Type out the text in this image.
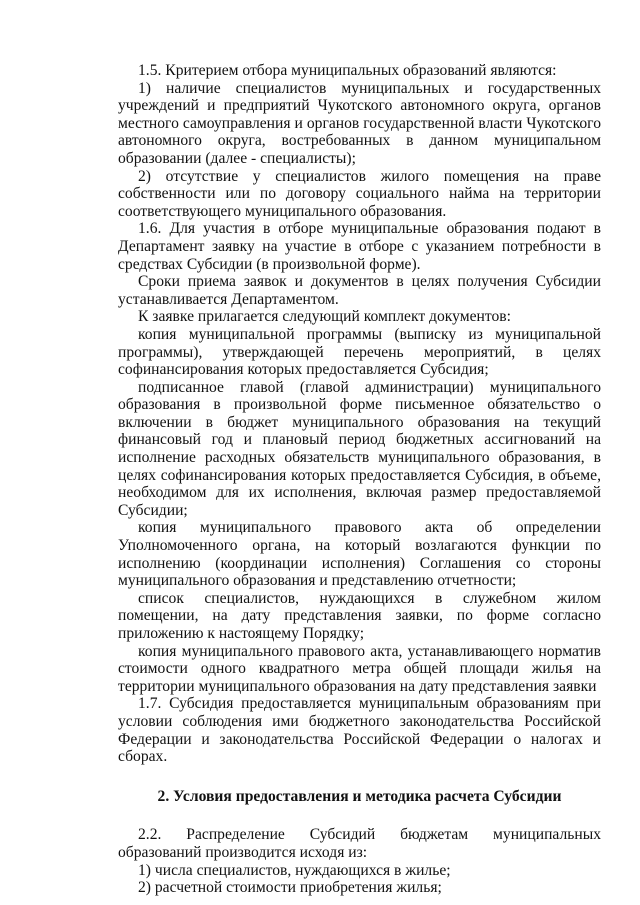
1.5. Критерием отбора муниципальных образований являются:

1) наличие специалистов муниципальных и государственных учреждений и предприятий Чукотского автономного округа, органов местного самоуправления и органов государственной власти Чукотского автономного округа, востребованных в данном муниципальном образовании (далее - специалисты);

2) отсутствие у специалистов жилого помещения на праве собственности или по договору социального найма на территории соответствующего муниципального образования.

1.6. Для участия в отборе муниципальные образования подают в Департамент заявку на участие в отборе с указанием потребности в средствах Субсидии (в произвольной форме).

Сроки приема заявок и документов в целях получения Субсидии устанавливается Департаментом.

К заявке прилагается следующий комплект документов:

копия муниципальной программы (выписку из муниципальной программы), утверждающей перечень мероприятий, в целях софинансирования которых предоставляется Субсидия;

подписанное главой (главой администрации) муниципального образования в произвольной форме письменное обязательство о включении в бюджет муниципального образования на текущий финансовый год и плановый период бюджетных ассигнований на исполнение расходных обязательств муниципального образования, в целях софинансирования которых предоставляется Субсидия, в объеме, необходимом для их исполнения, включая размер предоставляемой Субсидии;

копия муниципального правового акта об определении Уполномоченного органа, на который возлагаются функции по исполнению (координации исполнения) Соглашения со стороны муниципального образования и представлению отчетности;

список специалистов, нуждающихся в служебном жилом помещении, на дату представления заявки, по форме согласно приложению к настоящему Порядку;

копия муниципального правового акта, устанавливающего норматив стоимости одного квадратного метра общей площади жилья на территории муниципального образования на дату представления заявки

1.7. Субсидия предоставляется муниципальным образованиям при условии соблюдения ими бюджетного законодательства Российской Федерации и законодательства Российской Федерации о налогах и сборах.

2. Условия предоставления и методика расчета Субсидии

2.2. Распределение Субсидий бюджетам муниципальных образований производится исходя из:

1) числа специалистов, нуждающихся в жилье;

2) расчетной стоимости приобретения жилья;
